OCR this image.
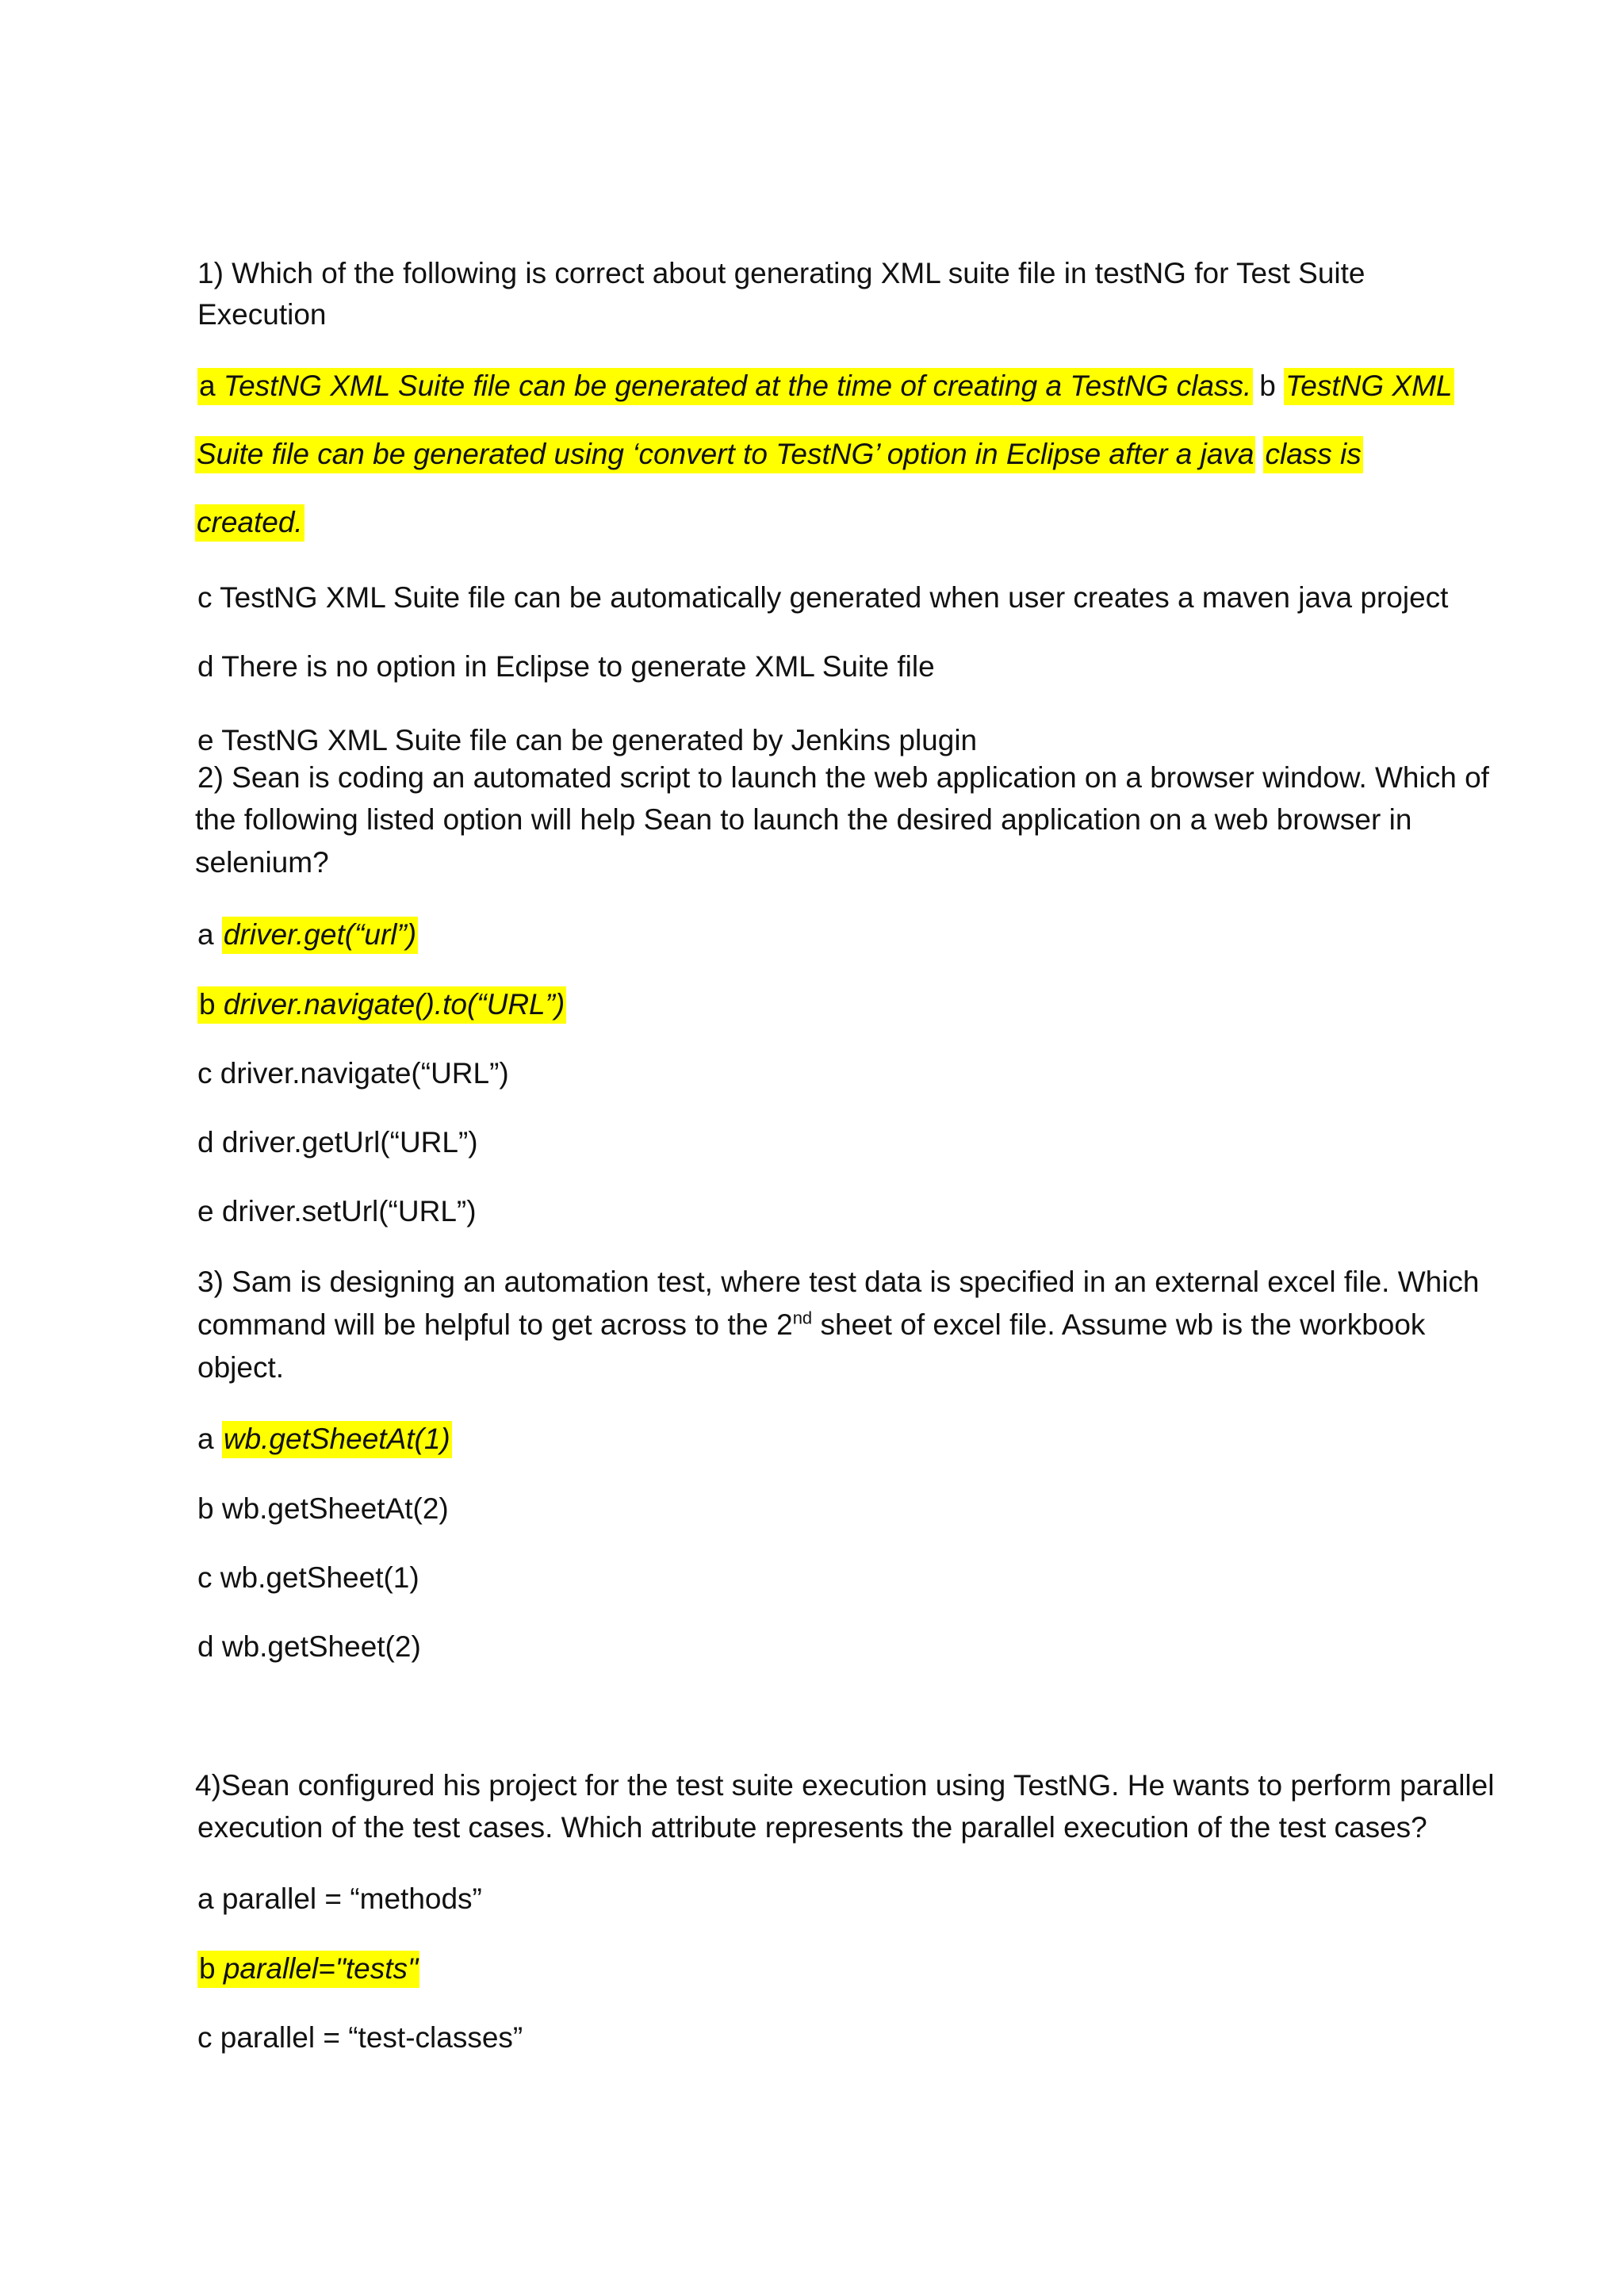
1) Which of the following is correct about generating XML suite file in testNG for Test Suite
Execution
a TestNG XML Suite file can be generated at the time of creating a TestNG class. b TestNG XML
Suite file can be generated using ‘convert to TestNG’ option in Eclipse after a java class is
created.
c TestNG XML Suite file can be automatically generated when user creates a maven java project
d There is no option in Eclipse to generate XML Suite file
e TestNG XML Suite file can be generated by Jenkins plugin
2) Sean is coding an automated script to launch the web application on a browser window. Which of
the following listed option will help Sean to launch the desired application on a web browser in
selenium?
a driver.get(“url”)
b driver.navigate().to(“URL”)
c driver.navigate(“URL”)
d driver.getUrl(“URL”)
e driver.setUrl(“URL”)
3) Sam is designing an automation test, where test data is specified in an external excel file. Which
command will be helpful to get across to the 2nd sheet of excel file. Assume wb is the workbook
object.
a wb.getSheetAt(1)
b wb.getSheetAt(2)
c wb.getSheet(1)
d wb.getSheet(2)
4)Sean configured his project for the test suite execution using TestNG. He wants to perform parallel
execution of the test cases. Which attribute represents the parallel execution of the test cases?
a parallel = “methods”
b parallel="tests"
c parallel = “test-classes”
